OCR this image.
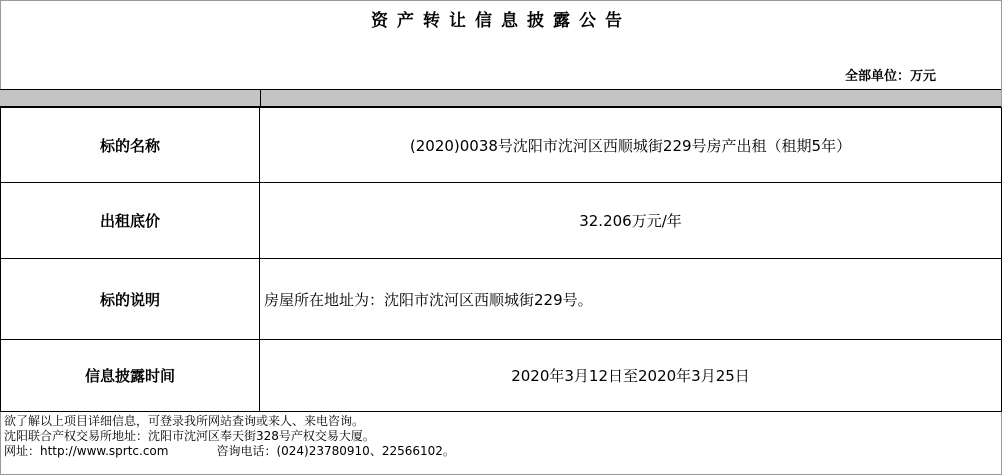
资产转让信息披露公告
全部单位：万元
标的名称	(2020)0038号沈阳市沈河区西顺城街229号房产出租（租期5年）
出租底价	32.206万元/年
标的说明	房屋所在地址为：沈阳市沈河区西顺城街229号。
信息披露时间	2020年3月12日至2020年3月25日
欲了解以上项目详细信息，可登录我所网站查询或来人、来电咨询。
沈阳联合产权交易所地址：沈阳市沈河区奉天街328号产权交易大厦。
网址：http://www.sprtc.com	咨询电话：(024)23780910、22566102。
